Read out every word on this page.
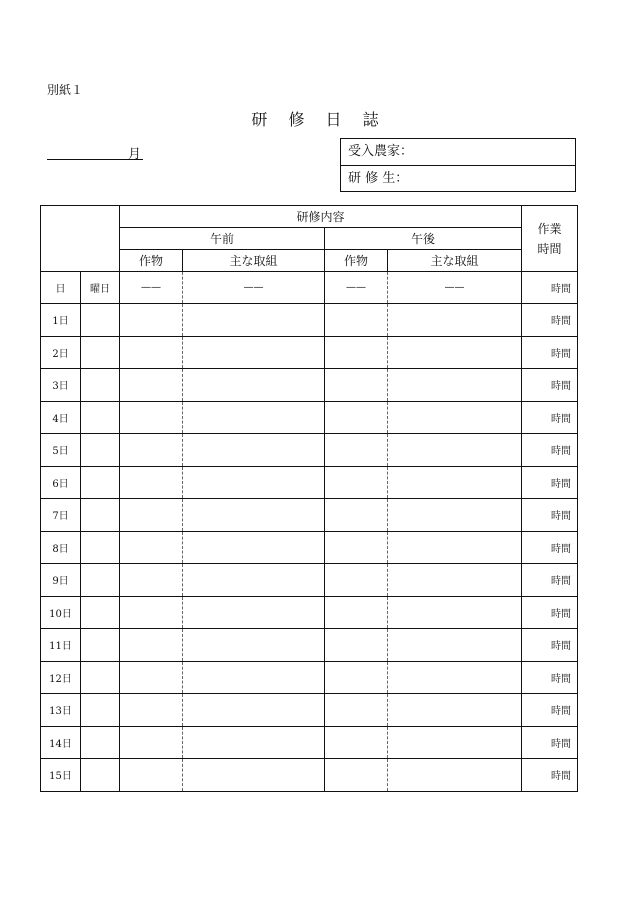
別紙１
研  修  日  誌
月	受入農家：
研 修 生：
		研修内容				作業
時間

		午前		午後		
		作物	主な取組	作物	主な取組	
日	曜日	——	——	——	——	時間
1日						時間
2日						時間
3日						時間
4日						時間
5日						時間
6日						時間
7日						時間
8日						時間
9日						時間
10日						時間
11日						時間
12日						時間
13日						時間
14日						時間
15日						時間
